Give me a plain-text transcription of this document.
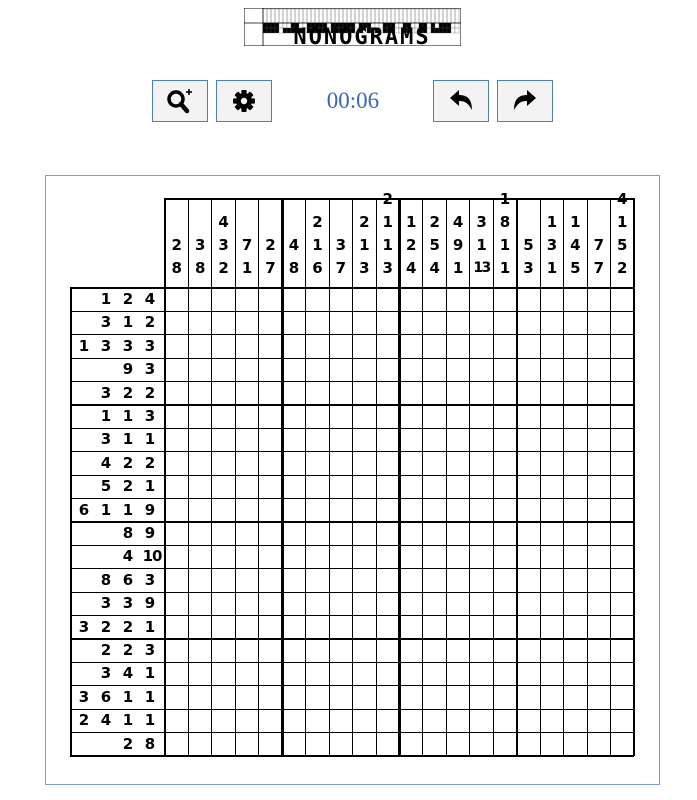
NONOGRAMS
00:06
2
8
3
8
4
3
2
7
1
2
7
4
8
2
1
6
3
7
2
1
3
2
1
1
3
1
2
4
2
5
4
4
9
1
3
1
13
1
8
1
1
5
3
1
3
1
1
4
5
7
7
4
1
5
2
1 2 4
3 1 2
1 3 3 3
9 3
3 2 2
1 1 3
3 1 1
4 2 2
5 2 1
6 1 1 9
8 9
4 10
8 6 3
3 3 9
3 2 2 1
2 2 3
3 4 1
3 6 1 1
2 4 1 1
2 8
